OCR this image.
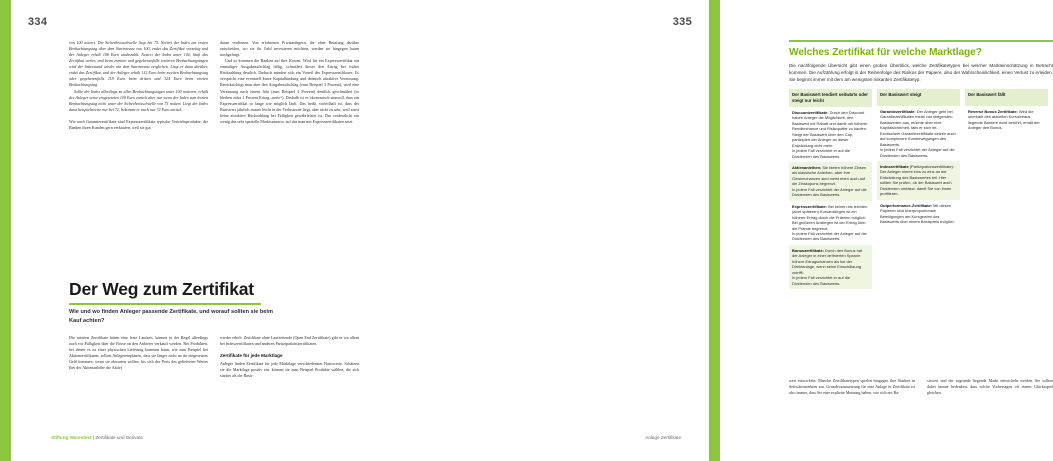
334	335

von 100 notiert. Die Sicherheitsschwelle liegt bei 75. Notiert der Index am ersten Beobachtungstag über dem Startniveau von 100, endet das Zertifikat vorzeitig und der Anleger erhält 106 Euro ausbezahlt. Notiert der Index unter 100, läuft das Zertifikat weiter, und beim zweiten und gegebenenfalls weiteren Beobachtungstagen wird der Indexstand wieder mit dem Startniveau verglichen. Liegt er dann darüber, endet das Zertifikat, und der Anleger erhält 112 Euro beim zweiten Beobachtungstag oder gegebenenfalls 118 Euro beim dritten und 124 Euro beim vierten Beobachtungstag.

Sollte der Index allerdings zu allen Beobachtungstagen unter 100 notieren, erhält der Anleger seine eingesetzten 100 Euro zurück aber nur wenn der Index zum letzten Beobachtungstag nicht unter der Sicherheitsschwelle von 75 notiert. Liegt der Index dann beispielsweise nur bei 72, bekommt er auch nur 72 Euro zurück.

Wie auch Garantiezertifikate sind Expresszertifikate typische Vertriebsprodukte, die Banken ihren Kunden gern verkaufen, weil sie gut

daran verdienen. Von erfahrenen Privatanlegern, die ohne Beratung darüber entscheiden, wo sie ihr Geld investieren möchten, werden sie hingegen kaum nachgefragt.

Und so kommen die Banken auf ihre Kosten. Wird für ein Expresszertifikat ein einmaliger Ausgabeaufschlag fällig, schmälert dieser den Ertrag bei früher Rückzahlung deutlich. Dadurch mindert sich ein Vorteil des Expresszertifikates: Es verspricht eine eventuell kurze Kapitalbindung und dennoch attraktive Verzinsung. Berücksichtigt man aber den Ausgabeaufschlag (zum Beispiel 3 Prozent), wird eine Verzinsung nach einem Jahr (zum Beispiel 4 Prozent) deutlich geschmälert (es bleiben zirka 1 Prozent Ertrag „netto“). Deshalb ist es ökonomisch sinnvoll, dass ein Expresszertifikat so lange wie möglich läuft. Das heißt, vorteilhaft ist, dass der Basiswert jährlich immer leicht in der Verlustzone liegt, aber nicht zu sehr, weil sonst keine attraktive Rückzahlung bei Fälligkeit gewährleistet ist. Das verdeutlicht ein wenig das sehr spezielle Marktszenario, auf das man mit Expresszertifikaten setzt.

Der Weg zum Zertifikat
Wie und wo finden Anleger passende Zertifikate, und worauf sollten sie beim Kauf achten?

Die meisten Zertifikate haben eine feste Laufzeit, können in der Regel allerdings auch vor Fälligkeit über die Börse an den Anbieter verkauft werden. Bei Produkten, bei denen es zu einer physischen Lieferung kommen kann, wie zum Beispiel bei Aktienzertifikaten, sollten Anlegereinplanen, dass sie länger nicht an ihr eingesetztes Geld kommen, wenn sie abwarten wollen, bis sich der Preis des gelieferten Wertes (bei der Aktienanleihe die Aktie)

wieder erholt. Zertifikate ohne Laufzeitende (Open End Zertifikate) gibt es vor allem bei Indexzertifikaten und anderen Partizipationszertifikaten.

Zertifikate für jede Marktlage

Anleger finden Zertifikate für jede Marktlage verschiedenster Basiswerte. Schätzen sie die Marktlage positiv ein, können sie zum Beispiel Produkte wählen, die sich stärker als die Basis-

Stiftung Warentest | Zertifikate und Derivate
Welches Zertifikat für welche Marktlage?
Die nachfolgende Übersicht gibt einen groben Überblick, welche Zertifikatetypen bei welcher Markteinschätzung in Betracht kommen. Die Aufzählung erfolgt in der Reihenfolge des Risikos der Papiere, also der Wahrscheinlichkeit, einen Verlust zu erleiden. Sie beginnt immer mit dem am wenigsten riskanten Zertifikatetyp.
Der Basiswert tendiert seitwärts oder steigt nur leicht
Discountzertifikate: Durch den Discount haben Anleger die Möglichkeit, den Basiswert mit Rabatt und damit mit höherer Renditechance und Risikopuffer zu kaufen. Steigt der Basiswert über den Cap, partizipiert der Anleger an dieser Entwicklung nicht mehr.
In jedem Fall verzichtet er auf die Dividenden des Basiswerts.
Aktienanleihen: Sie bieten höhere Zinsen als klassische Anleihen, aber ihre Gewinnchancen sind meist eben auch auf die Zinskupons begrenzt.
In jedem Fall verzichtet der Anleger auf die Dividenden des Basiswerts.
Expresszertifikate: Bei keinen bis leichten (aber späteren) Kursanstiegen ist ein höherer Ertrag durch die Prämien möglich. Bei größeren Anstiegen ist der Ertrag über die Prämie begrenzt.
In jedem Fall verzichtet der Anleger auf die Dividenden des Basiswerts.
Bonuszertifikate: Durch den Bonus hat der Anleger in einer definierten Spanne höhere Ertragschancen als bei der Direktanlage, wenn seine Einschätzung zutrifft.
In jedem Fall verzichtet er auf die Dividenden des Basiswerts.
Der Basiswert steigt
Garantiezertifikate: Der Anleger geht bei Garantiezertifikaten meist von steigenden Basiswerten aus, möchte aber eine Kapitalsicherheit, falls er sich irrt. Exotischem Garantiezertifikate setzen auch auf komplexere Kursbewegungen des Basiswerts.
In jedem Fall verzichtet der Anleger auf die Dividenden des Basiswerts.
Indexzertifikate (Partizipationszertifikate): Der Anleger nimmt eins zu eins an der Entwicklung des Basiswertes teil. Hier sollten Sie prüfen, ob der Basiswert auch Dividenden umfasst, damit Sie von ihnen profitieren.
Outperformance-Zertifikate: Mit diesen Papieren sind überproportionale Beteiligungen am Kursgewinn des Basiswerts über einem Basispreis möglich.
Der Basiswert fällt
Reverse Bonus Zertifikate: Wird die oberhalb des aktuellen Kursniveaus liegende Barriere nicht berührt, erhält der Anleger den Bonus.

wert entwickeln. Manche Zertifikatetypen spielen hingegen ihre Stärken in Seitwärtsmärkten aus. Grundvoraussetzung für eine Anlage in Zertifikate ist also immer, dass Sie eine explizite Meinung haben, wie sich ein Ba-

siswert und der zugrunde liegende Markt entwickeln werden. Sie sollten dabei immer bedenken, dass solche Vorhersagen oft einem Glücksspiel gleichen.

Anlage Zertifikate
